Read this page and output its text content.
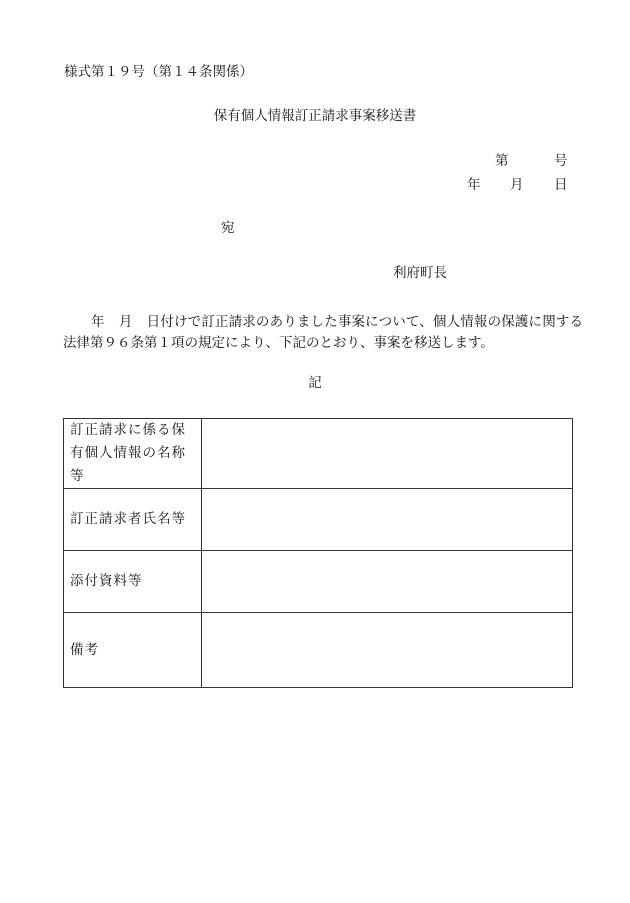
様式第１９号（第１４条関係）
保有個人情報訂正請求事案移送書
第	号
年 月 日
宛
利府町長
年 月 日付けで訂正請求のありました事案について、個人情報の保護に関する法律第９６条第１項の規定により、下記のとおり、事案を移送します。
記
訂正請求に係る保有個人情報の名称等	
訂正請求者氏名等	
添付資料等	
備考	
